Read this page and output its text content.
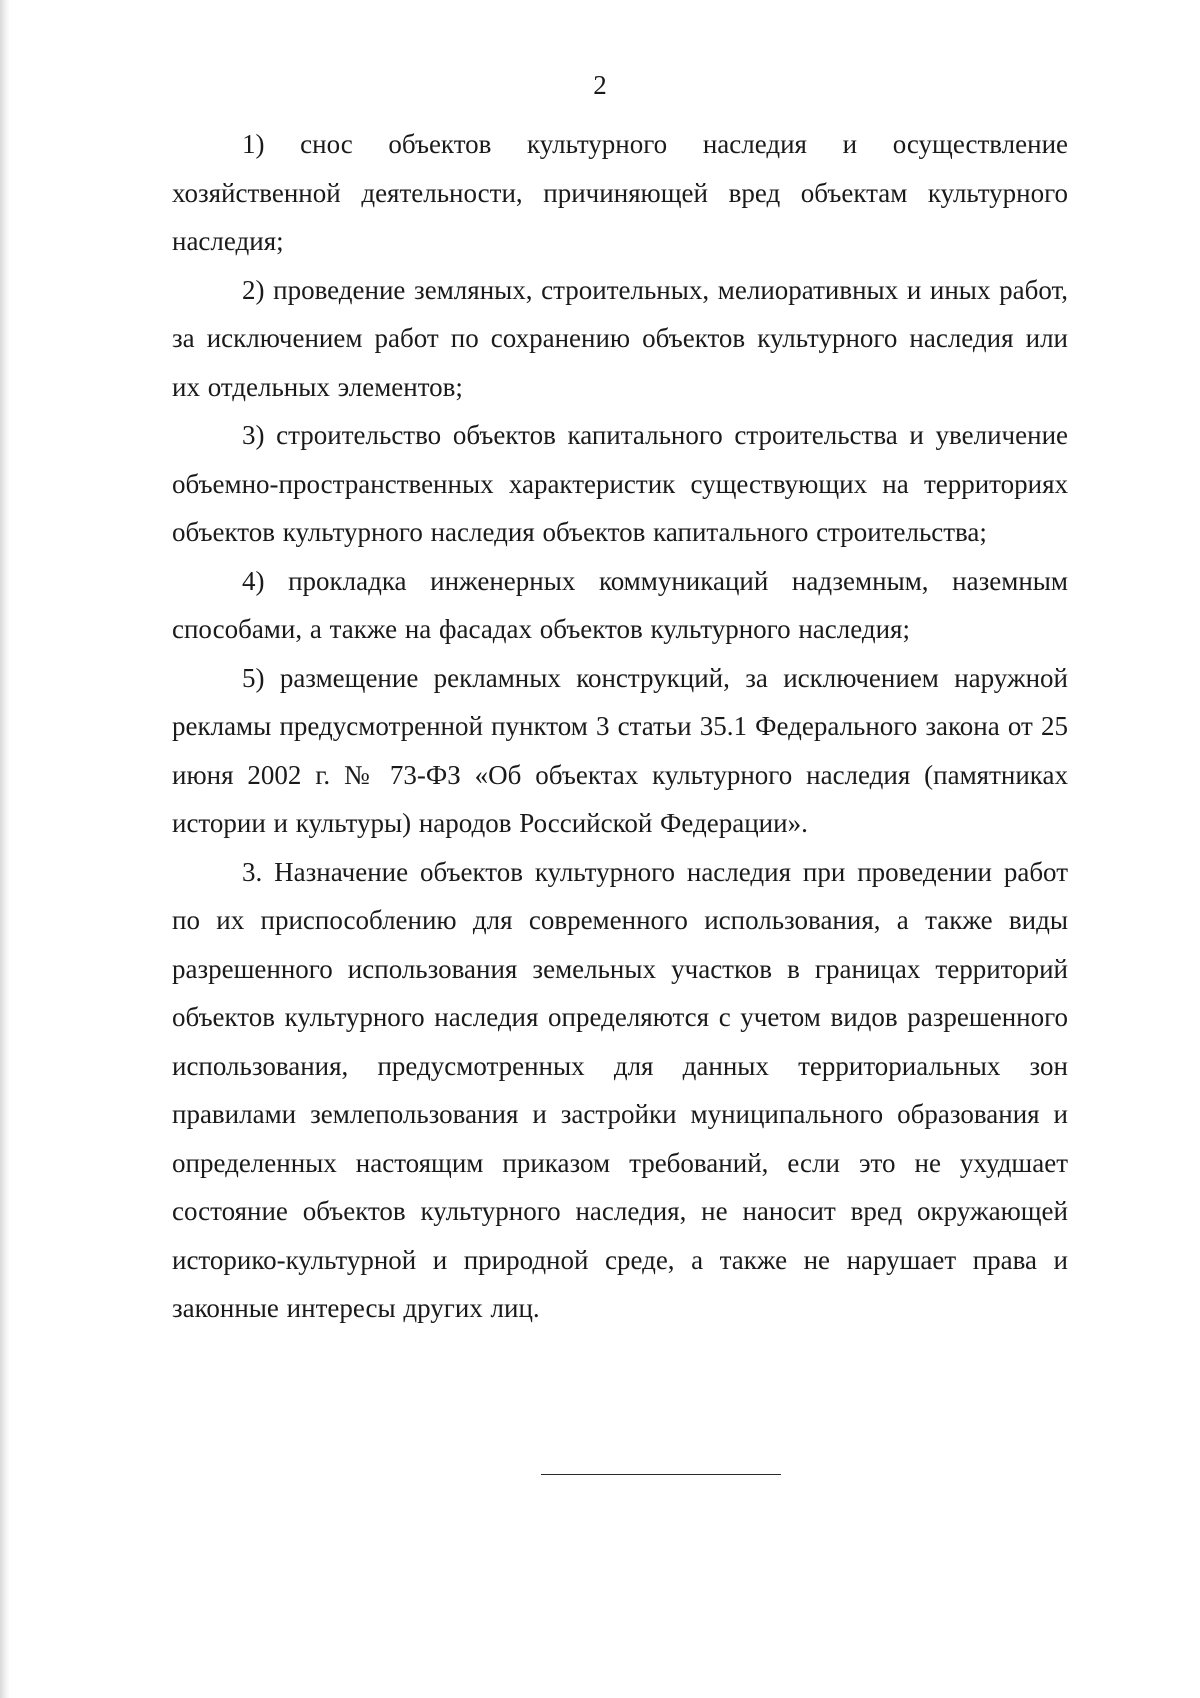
2

1) снос объектов культурного наследия и осуществление хозяйственной деятельности, причиняющей вред объектам культурного наследия;

2) проведение земляных, строительных, мелиоративных и иных работ, за исключением работ по сохранению объектов культурного наследия или их отдельных элементов;

3) строительство объектов капитального строительства и увеличение объемно-пространственных характеристик существующих на территориях объектов культурного наследия объектов капитального строительства;

4) прокладка инженерных коммуникаций надземным, наземным способами, а также на фасадах объектов культурного наследия;

5) размещение рекламных конструкций, за исключением наружной рекламы предусмотренной пунктом 3 статьи 35.1 Федерального закона от 25 июня 2002 г. № 73-ФЗ «Об объектах культурного наследия (памятниках истории и культуры) народов Российской Федерации».

3. Назначение объектов культурного наследия при проведении работ по их приспособлению для современного использования, а также виды разрешенного использования земельных участков в границах территорий объектов культурного наследия определяются с учетом видов разрешенного использования, предусмотренных для данных территориальных зон правилами землепользования и застройки муниципального образования и определенных настоящим приказом требований, если это не ухудшает состояние объектов культурного наследия, не наносит вред окружающей историко-культурной и природной среде, а также не нарушает права и законные интересы других лиц.
